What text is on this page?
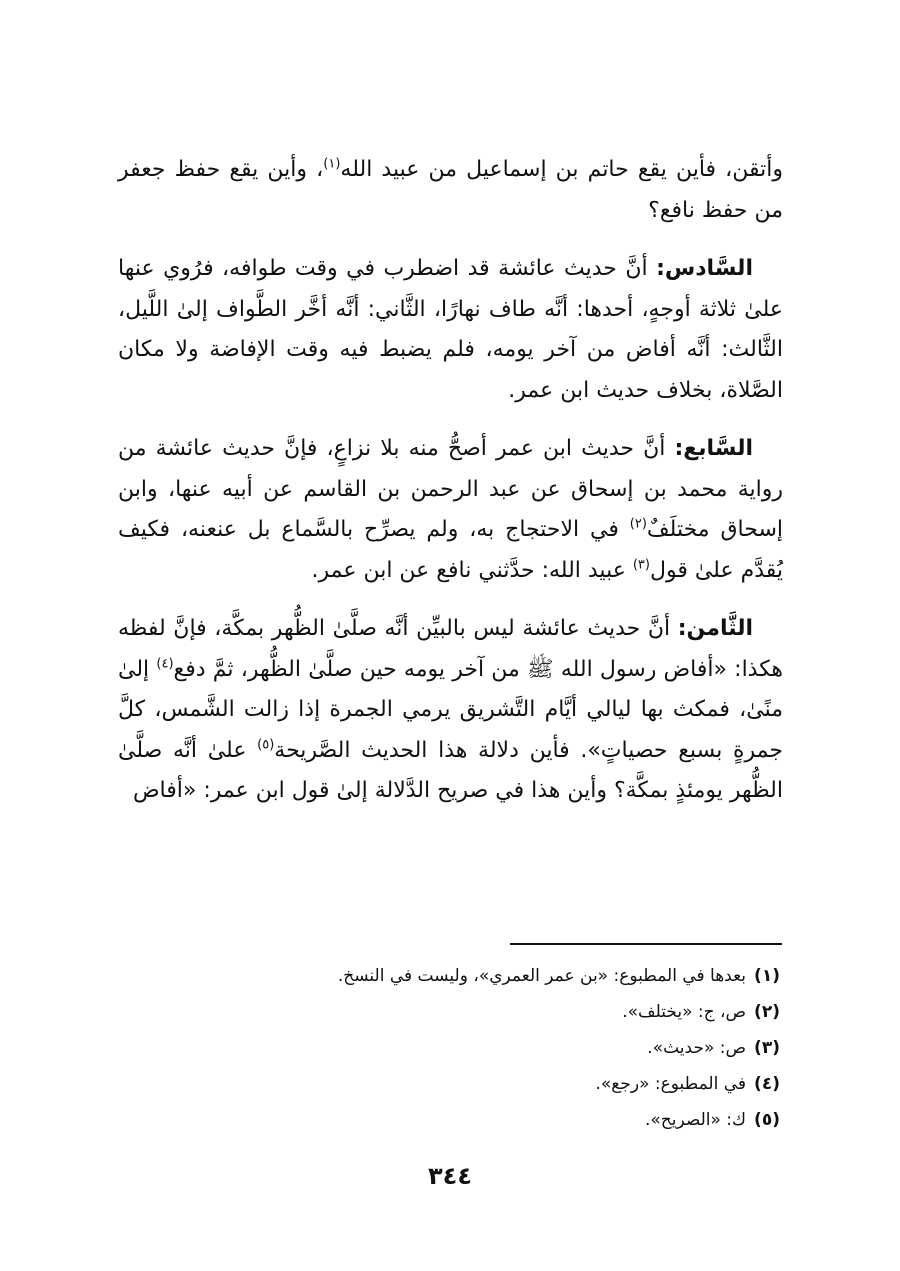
وأتقن، فأين يقع حاتم بن إسماعيل من عبيد الله$^{(١)}$، وأين يقع حفظ جعفر من حفظ نافع؟

السَّادس: أنَّ حديث عائشة قد اضطرب في وقت طوافه، فرُوي عنها علىٰ ثلاثة أوجهٍ، أحدها: أنَّه طاف نهارًا، الثَّاني: أنَّه أخَّر الطَّواف إلىٰ اللَّيل، الثَّالث: أنَّه أفاض من آخر يومه، فلم يضبط فيه وقت الإفاضة ولا مكان الصَّلاة، بخلاف حديث ابن عمر.

السَّابع: أنَّ حديث ابن عمر أصحُّ منه بلا نزاعٍ، فإنَّ حديث عائشة من رواية محمد بن إسحاق عن عبد الرحمن بن القاسم عن أبيه عنها، وابن إسحاق مختلَفٌ$^{(٢)}$ في الاحتجاج به، ولم يصرِّح بالسَّماع بل عنعنه، فكيف يُقدَّم علىٰ قول$^{(٣)}$ عبيد الله: حدَّثني نافع عن ابن عمر.

الثَّامن: أنَّ حديث عائشة ليس بالبيِّن أنَّه صلَّىٰ الظُّهر بمكَّة، فإنَّ لفظه هكذا: «أفاض رسول الله ﷺ من آخر يومه حين صلَّىٰ الظُّهر، ثمَّ دفع$^{(٤)}$ إلىٰ منًىٰ، فمكث بها ليالي أيَّام التَّشريق يرمي الجمرة إذا زالت الشَّمس، كلَّ جمرةٍ بسبع حصياتٍ». فأين دلالة هذا الحديث الصَّريحة$^{(٥)}$ علىٰ أنَّه صلَّىٰ الظُّهر يومئذٍ بمكَّة؟ وأين هذا في صريح الدَّلالة إلىٰ قول ابن عمر: «أفاض

(١)بعدها في المطبوع: «بن عمر العمري»، وليست في النسخ.
(٢)ص، ج: «يختلف».
(٣)ص: «حديث».
(٤)في المطبوع: «رجع».
(٥)ك: «الصريح».
٣٤٤
